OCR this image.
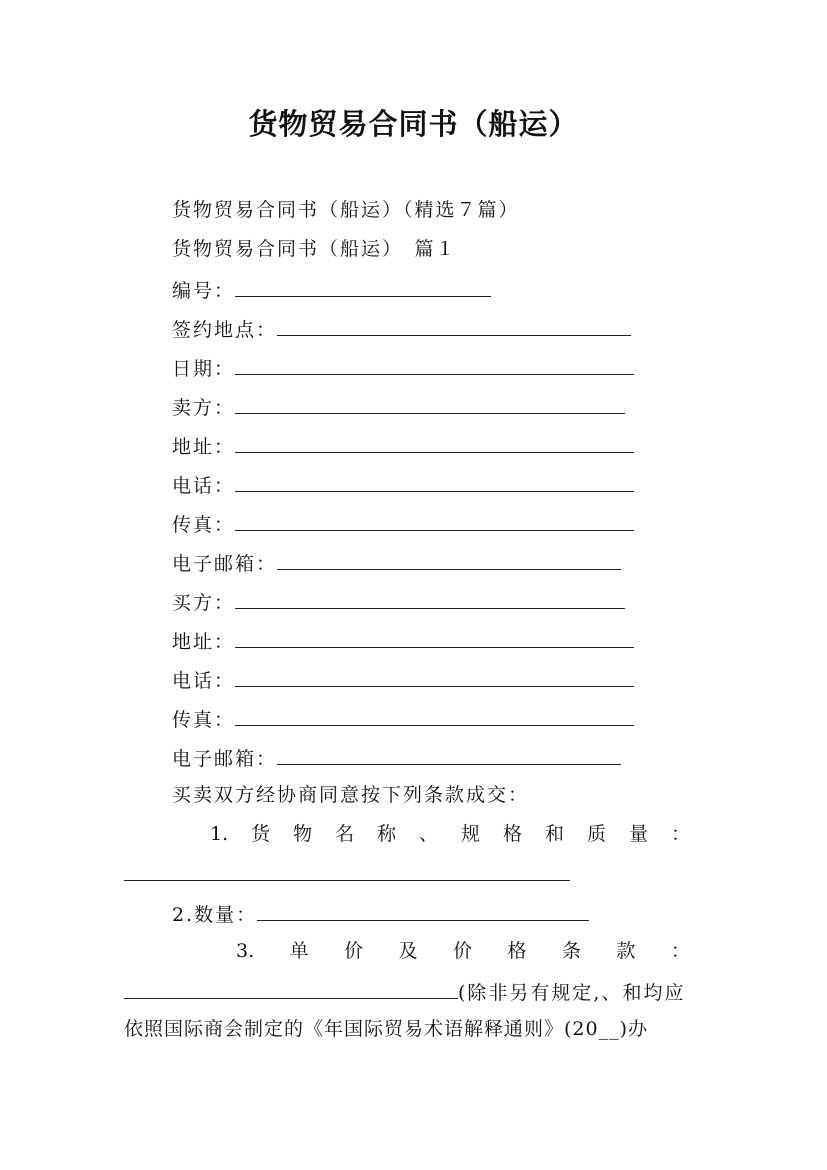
货物贸易合同书（船运）
货物贸易合同书（船运）（精选７篇）
货物贸易合同书（船运）　篇１
编号：
签约地点：
日期：
卖方：
地址：
电话：
传真：
电子邮箱：
买方：
地址：
电话：
传真：
电子邮箱：
买卖双方经协商同意按下列条款成交：
1. 货 物 名 称 、 规 格 和 质 量 ：
2.数量：
3. 单 价 及 价 格 条 款 ：
(除非另有规定,、和均应
依照国际商会制定的《年国际贸易术语解释通则》(20__)办
